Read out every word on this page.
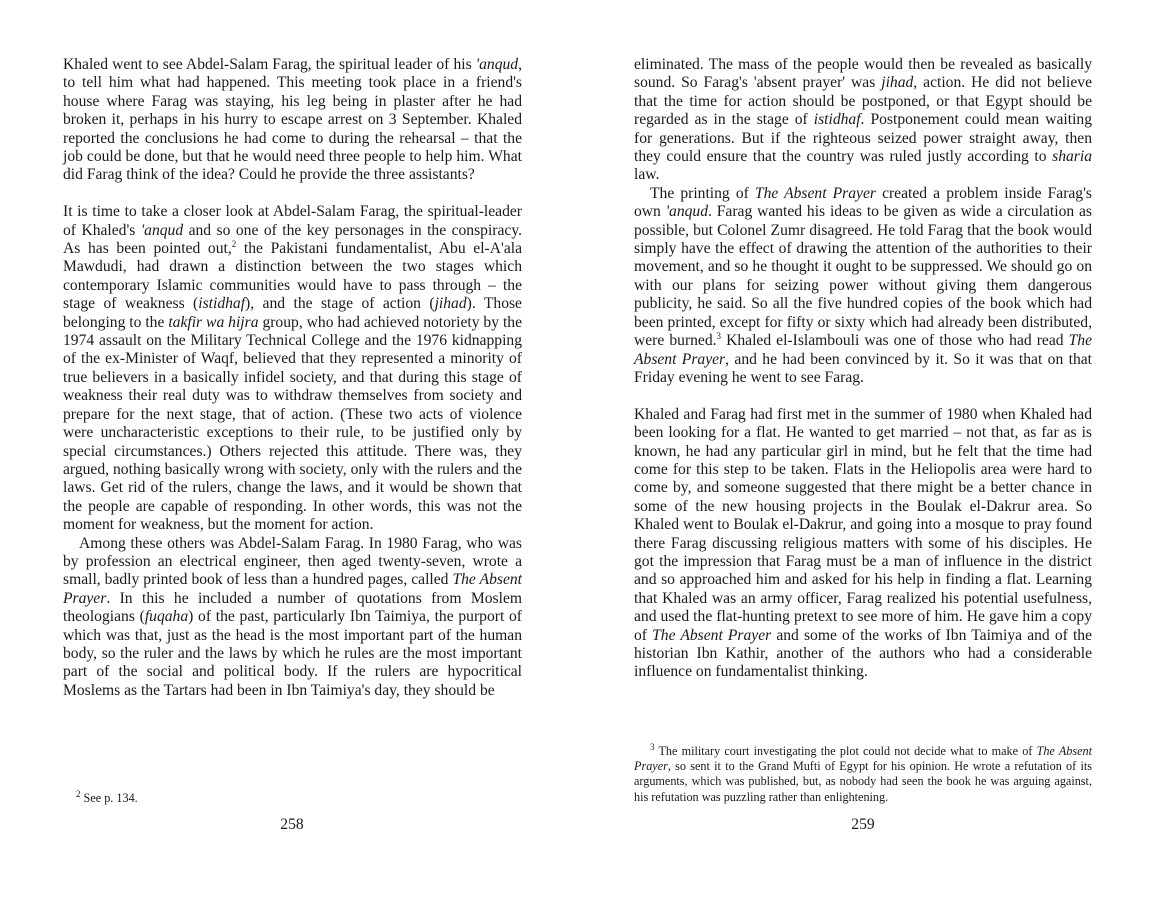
Khaled went to see Abdel-Salam Farag, the spiritual leader of his 'anqud, to tell him what had happened. This meeting took place in a friend's house where Farag was staying, his leg being in plaster after he had broken it, perhaps in his hurry to escape arrest on 3 September. Khaled reported the conclusions he had come to during the rehearsal – that the job could be done, but that he would need three people to help him. What did Farag think of the idea? Could he provide the three assistants?

It is time to take a closer look at Abdel-Salam Farag, the spiritual-leader of Khaled's 'anqud and so one of the key personages in the conspiracy. As has been pointed out,$^2$ the Pakistani fundamentalist, Abu el-A'ala Mawdudi, had drawn a distinction between the two stages which contemporary Islamic communities would have to pass through – the stage of weakness (istidhaf), and the stage of action (jihad). Those belonging to the takfir wa hijra group, who had achieved notoriety by the 1974 assault on the Military Technical College and the 1976 kidnapping of the ex-Minister of Waqf, believed that they represented a minority of true believers in a basically infidel society, and that during this stage of weakness their real duty was to withdraw themselves from society and prepare for the next stage, that of action. (These two acts of violence were uncharacteristic exceptions to their rule, to be justified only by special circumstances.) Others rejected this attitude. There was, they argued, nothing basically wrong with society, only with the rulers and the laws. Get rid of the rulers, change the laws, and it would be shown that the people are capable of responding. In other words, this was not the moment for weakness, but the moment for action.

Among these others was Abdel-Salam Farag. In 1980 Farag, who was by profession an electrical engineer, then aged twenty-seven, wrote a small, badly printed book of less than a hundred pages, called The Absent Prayer. In this he included a number of quotations from Moslem theologians (fuqaha) of the past, particularly Ibn Taimiya, the purport of which was that, just as the head is the most important part of the human body, so the ruler and the laws by which he rules are the most important part of the social and political body. If the rulers are hypocritical Moslems as the Tartars had been in Ibn Taimiya's day, they should be

$^2$ See p. 134.
258

eliminated. The mass of the people would then be revealed as basically sound. So Farag's 'absent prayer' was jihad, action. He did not believe that the time for action should be postponed, or that Egypt should be regarded as in the stage of istidhaf. Postponement could mean waiting for generations. But if the righteous seized power straight away, then they could ensure that the country was ruled justly according to sharia law.

The printing of The Absent Prayer created a problem inside Farag's own 'anqud. Farag wanted his ideas to be given as wide a circulation as possible, but Colonel Zumr disagreed. He told Farag that the book would simply have the effect of drawing the attention of the authorities to their movement, and so he thought it ought to be suppressed. We should go on with our plans for seizing power without giving them dangerous publicity, he said. So all the five hundred copies of the book which had been printed, except for fifty or sixty which had already been distributed, were burned.$^3$ Khaled el-Islambouli was one of those who had read The Absent Prayer, and he had been convinced by it. So it was that on that Friday evening he went to see Farag.

Khaled and Farag had first met in the summer of 1980 when Khaled had been looking for a flat. He wanted to get married – not that, as far as is known, he had any particular girl in mind, but he felt that the time had come for this step to be taken. Flats in the Heliopolis area were hard to come by, and someone suggested that there might be a better chance in some of the new housing projects in the Boulak el-Dakrur area. So Khaled went to Boulak el-Dakrur, and going into a mosque to pray found there Farag discussing religious matters with some of his disciples. He got the impression that Farag must be a man of influence in the district and so approached him and asked for his help in finding a flat. Learning that Khaled was an army officer, Farag realized his potential usefulness, and used the flat-hunting pretext to see more of him. He gave him a copy of The Absent Prayer and some of the works of Ibn Taimiya and of the historian Ibn Kathir, another of the authors who had a considerable influence on fundamentalist thinking.

$^3$ The military court investigating the plot could not decide what to make of The Absent Prayer, so sent it to the Grand Mufti of Egypt for his opinion. He wrote a refutation of its arguments, which was published, but, as nobody had seen the book he was arguing against, his refutation was puzzling rather than enlightening.
259
